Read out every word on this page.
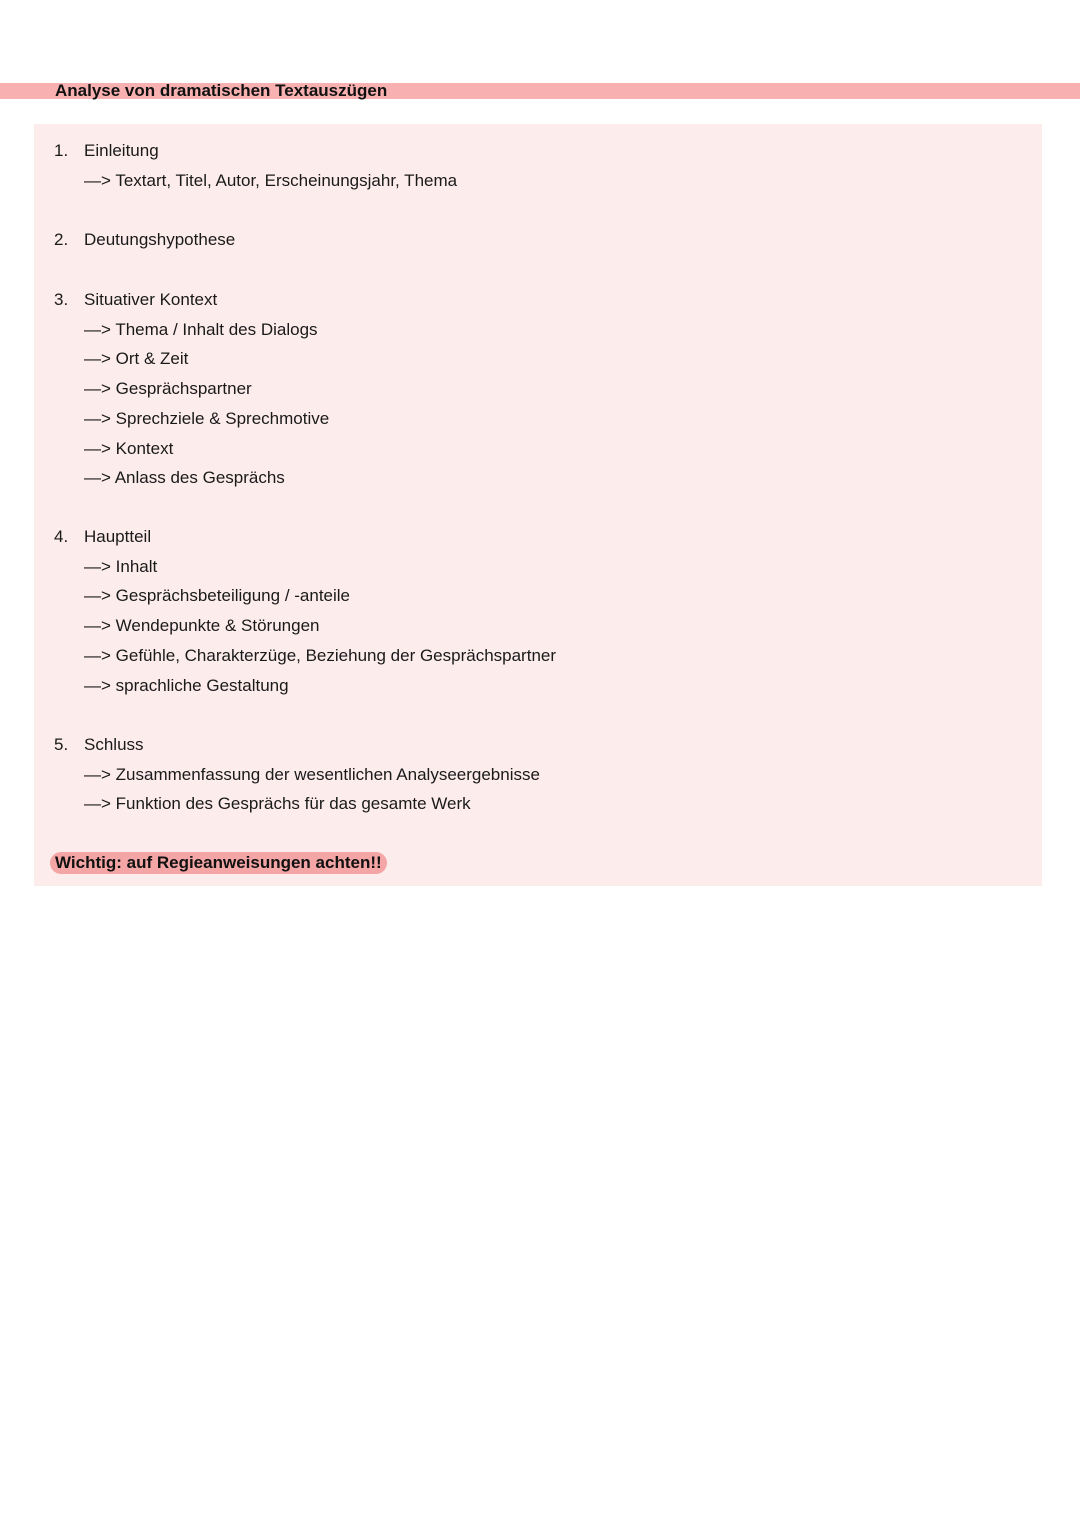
Analyse von dramatischen Textauszügen
1. Einleitung
—> Textart, Titel, Autor, Erscheinungsjahr, Thema
2. Deutungshypothese
3. Situativer Kontext
—> Thema / Inhalt des Dialogs
—> Ort & Zeit
—> Gesprächspartner
—> Sprechziele & Sprechmotive
—> Kontext
—> Anlass des Gesprächs
4. Hauptteil
—> Inhalt
—> Gesprächsbeteiligung / -anteile
—> Wendepunkte & Störungen
—> Gefühle, Charakterzüge, Beziehung der Gesprächspartner
—> sprachliche Gestaltung
5. Schluss
—> Zusammenfassung der wesentlichen Analyseergebnisse
—> Funktion des Gesprächs für das gesamte Werk
Wichtig: auf Regieanweisungen achten!!
